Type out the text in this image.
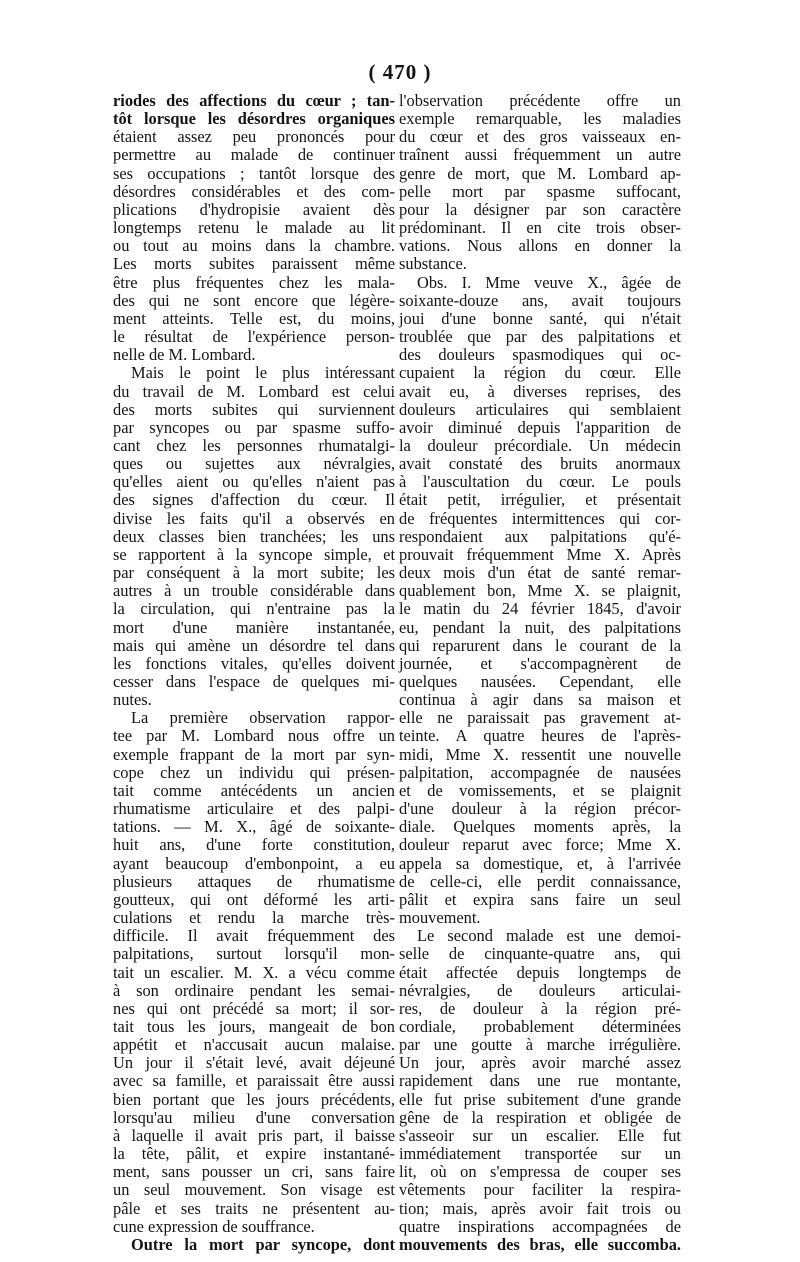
( 470 )
riodes des affections du cœur ; tan-
tôt lorsque les désordres organiques
étaient assez peu prononcés pour
permettre au malade de continuer
ses occupations ; tantôt lorsque des
désordres considérables et des com-
plications d'hydropisie avaient dès
longtemps retenu le malade au lit
ou tout au moins dans la chambre.
Les morts subites paraissent même
être plus fréquentes chez les mala-
des qui ne sont encore que légère-
ment atteints. Telle est, du moins,
le résultat de l'expérience person-
nelle de M. Lombard.
Mais le point le plus intéressant
du travail de M. Lombard est celui
des morts subites qui surviennent
par syncopes ou par spasme suffo-
cant chez les personnes rhumatalgi-
ques ou sujettes aux névralgies,
qu'elles aient ou qu'elles n'aient pas
des signes d'affection du cœur. Il
divise les faits qu'il a observés en
deux classes bien tranchées; les uns
se rapportent à la syncope simple, et
par conséquent à la mort subite; les
autres à un trouble considérable dans
la circulation, qui n'entraine pas la
mort d'une manière instantanée,
mais qui amène un désordre tel dans
les fonctions vitales, qu'elles doivent
cesser dans l'espace de quelques mi-
nutes.
La première observation rappor-
tee par M. Lombard nous offre un
exemple frappant de la mort par syn-
cope chez un individu qui présen-
tait comme antécédents un ancien
rhumatisme articulaire et des palpi-
tations. — M. X., âgé de soixante-
huit ans, d'une forte constitution,
ayant beaucoup d'embonpoint, a eu
plusieurs attaques de rhumatisme
goutteux, qui ont déformé les arti-
culations et rendu la marche très-
difficile. Il avait fréquemment des
palpitations, surtout lorsqu'il mon-
tait un escalier. M. X. a vécu comme
à son ordinaire pendant les semai-
nes qui ont précédé sa mort; il sor-
tait tous les jours, mangeait de bon
appétit et n'accusait aucun malaise.
Un jour il s'était levé, avait déjeuné
avec sa famille, et paraissait être aussi
bien portant que les jours précédents,
lorsqu'au milieu d'une conversation
à laquelle il avait pris part, il baisse
la tête, pâlit, et expire instantané-
ment, sans pousser un cri, sans faire
un seul mouvement. Son visage est
pâle et ses traits ne présentent au-
cune expression de souffrance.
Outre la mort par syncope, dont
l'observation précédente offre un
exemple remarquable, les maladies
du cœur et des gros vaisseaux en-
traînent aussi fréquemment un autre
genre de mort, que M. Lombard ap-
pelle mort par spasme suffocant,
pour la désigner par son caractère
prédominant. Il en cite trois obser-
vations. Nous allons en donner la
substance.
Obs. I. Mme veuve X., âgée de
soixante-douze ans, avait toujours
joui d'une bonne santé, qui n'était
troublée que par des palpitations et
des douleurs spasmodiques qui oc-
cupaient la région du cœur. Elle
avait eu, à diverses reprises, des
douleurs articulaires qui semblaient
avoir diminué depuis l'apparition de
la douleur précordiale. Un médecin
avait constaté des bruits anormaux
à l'auscultation du cœur. Le pouls
était petit, irrégulier, et présentait
de fréquentes intermittences qui cor-
respondaient aux palpitations qu'é-
prouvait fréquemment Mme X. Après
deux mois d'un état de santé remar-
quablement bon, Mme X. se plaignit,
le matin du 24 février 1845, d'avoir
eu, pendant la nuit, des palpitations
qui reparurent dans le courant de la
journée, et s'accompagnèrent de
quelques nausées. Cependant, elle
continua à agir dans sa maison et
elle ne paraissait pas gravement at-
teinte. A quatre heures de l'après-
midi, Mme X. ressentit une nouvelle
palpitation, accompagnée de nausées
et de vomissements, et se plaignit
d'une douleur à la région précor-
diale. Quelques moments après, la
douleur reparut avec force; Mme X.
appela sa domestique, et, à l'arrivée
de celle-ci, elle perdit connaissance,
pâlit et expira sans faire un seul
mouvement.
Le second malade est une demoi-
selle de cinquante-quatre ans, qui
était affectée depuis longtemps de
névralgies, de douleurs articulai-
res, de douleur à la région pré-
cordiale, probablement déterminées
par une goutte à marche irrégulière.
Un jour, après avoir marché assez
rapidement dans une rue montante,
elle fut prise subitement d'une grande
gêne de la respiration et obligée de
s'asseoir sur un escalier. Elle fut
immédiatement transportée sur un
lit, où on s'empressa de couper ses
vêtements pour faciliter la respira-
tion; mais, après avoir fait trois ou
quatre inspirations accompagnées de
mouvements des bras, elle succomba.
